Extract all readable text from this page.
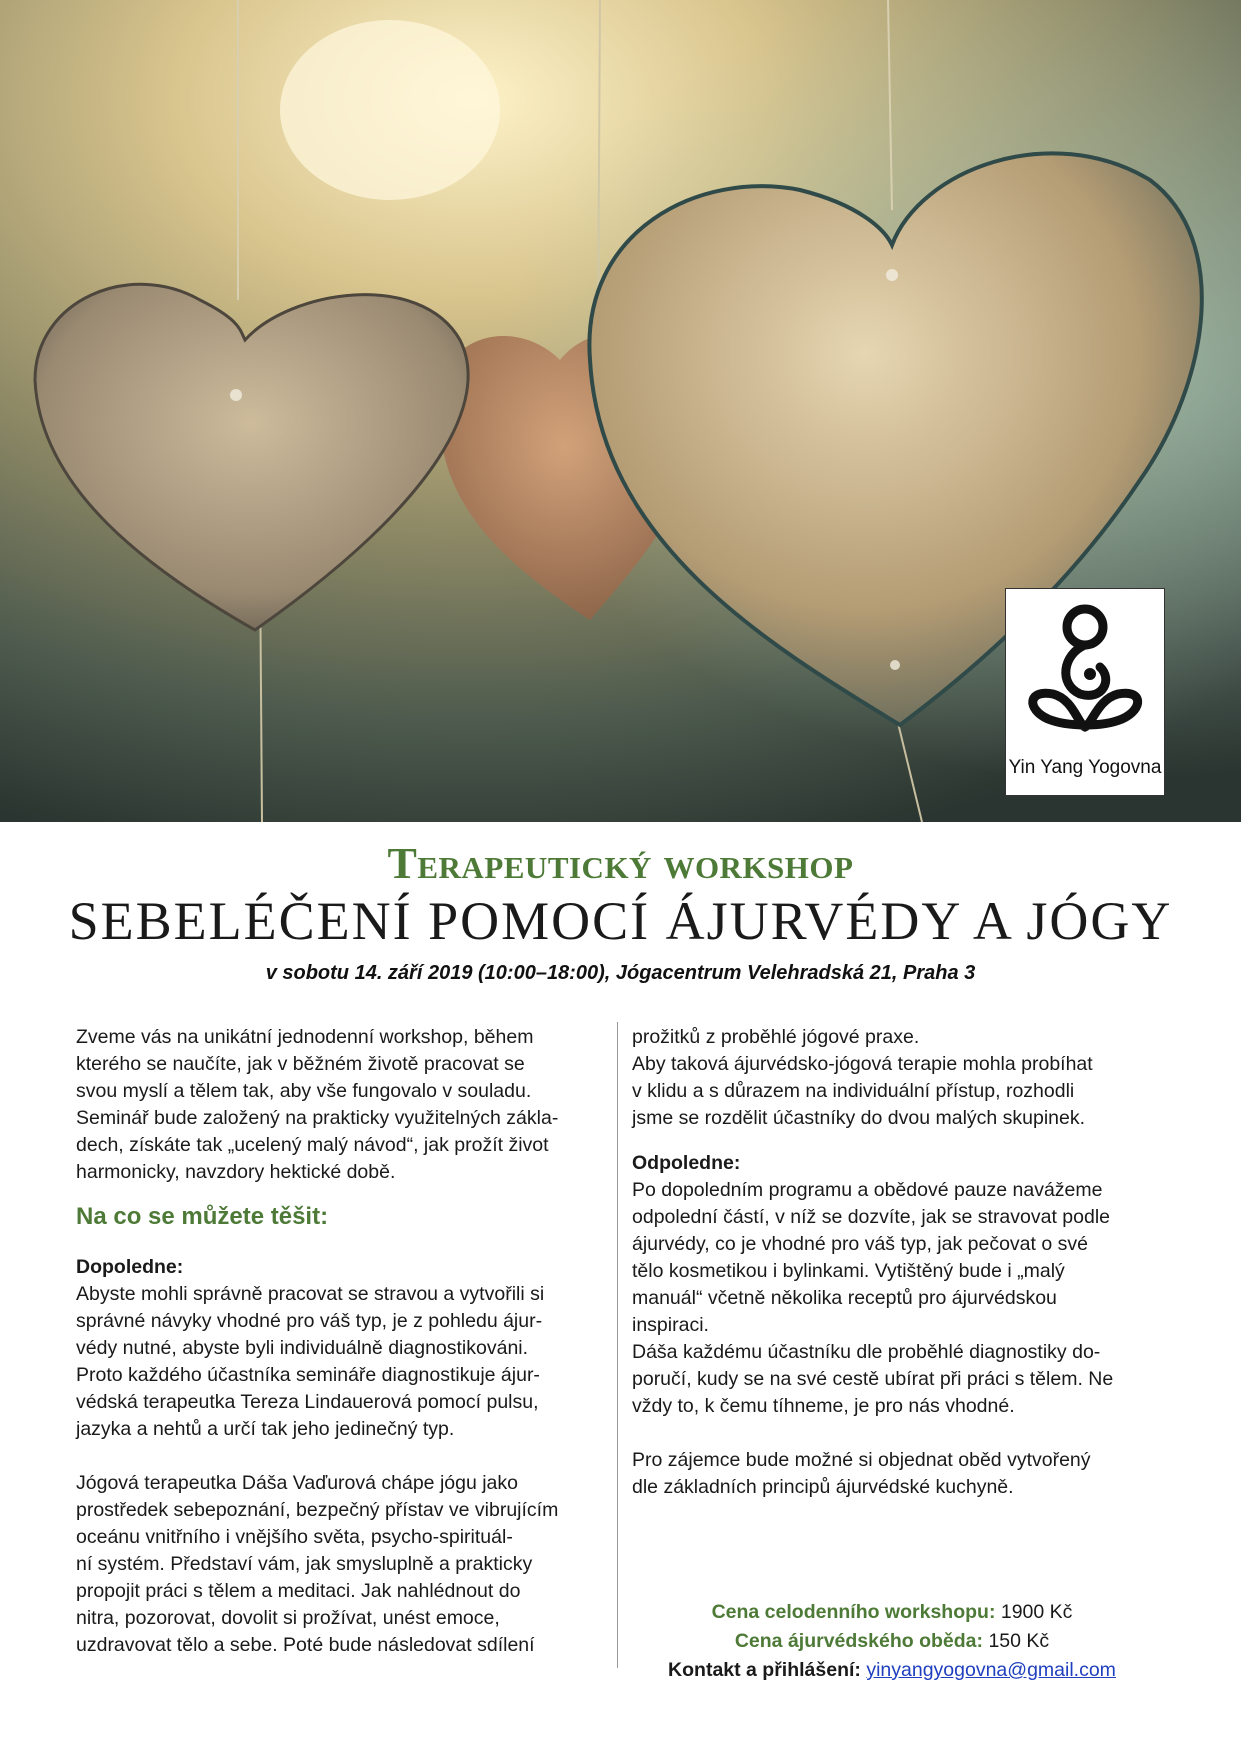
Yin Yang Yogovna
Terapeutický workshop
SEBELÉČENÍ POMOCÍ ÁJURVÉDY A JÓGY
v sobotu 14. září 2019 (10:00–18:00), Jógacentrum Velehradská 21, Praha 3

Zveme vás na unikátní jednodenní workshop, během
kterého se naučíte, jak v běžném životě pracovat se
svou myslí a tělem tak, aby vše fungovalo v souladu.
Seminář bude založený na prakticky využitelných zákla-
dech, získáte tak „ucelený malý návod“, jak prožít život
harmonicky, navzdory hektické době.

Na co se můžete těšit:

Dopoledne:

Abyste mohli správně pracovat se stravou a vytvořili si
správné návyky vhodné pro váš typ, je z pohledu ájur-
védy nutné, abyste byli individuálně diagnostikováni.
Proto každého účastníka semináře diagnostikuje ájur-
védská terapeutka Tereza Lindauerová pomocí pulsu,
jazyka a nehtů a určí tak jeho jedinečný typ.

Jógová terapeutka Dáša Vaďurová chápe jógu jako
prostředek sebepoznání, bezpečný přístav ve vibrujícím
oceánu vnitřního i vnějšího světa, psycho-spirituál-
ní systém. Představí vám, jak smysluplně a prakticky
propojit práci s tělem a meditaci. Jak nahlédnout do
nitra, pozorovat, dovolit si prožívat, unést emoce,
uzdravovat tělo a sebe. Poté bude následovat sdílení

prožitků z proběhlé jógové praxe.
Aby taková ájurvédsko-jógová terapie mohla probíhat
v klidu a s důrazem na individuální přístup, rozhodli
jsme se rozdělit účastníky do dvou malých skupinek.

Odpoledne:

Po dopoledním programu a obědové pauze navážeme
odpolední částí, v níž se dozvíte, jak se stravovat podle
ájurvédy, co je vhodné pro váš typ, jak pečovat o své
tělo kosmetikou i bylinkami. Vytištěný bude i „malý
manuál“ včetně několika receptů pro ájurvédskou
inspiraci.
Dáša každému účastníku dle proběhlé diagnostiky do-
poručí, kudy se na své cestě ubírat při práci s tělem. Ne
vždy to, k čemu tíhneme, je pro nás vhodné.

Pro zájemce bude možné si objednat oběd vytvořený
dle základních principů ájurvédské kuchyně.

Cena celodenního workshopu: 1900 Kč
Cena ájurvédského oběda: 150 Kč
Kontakt a přihlášení: yinyangyogovna@gmail.com
